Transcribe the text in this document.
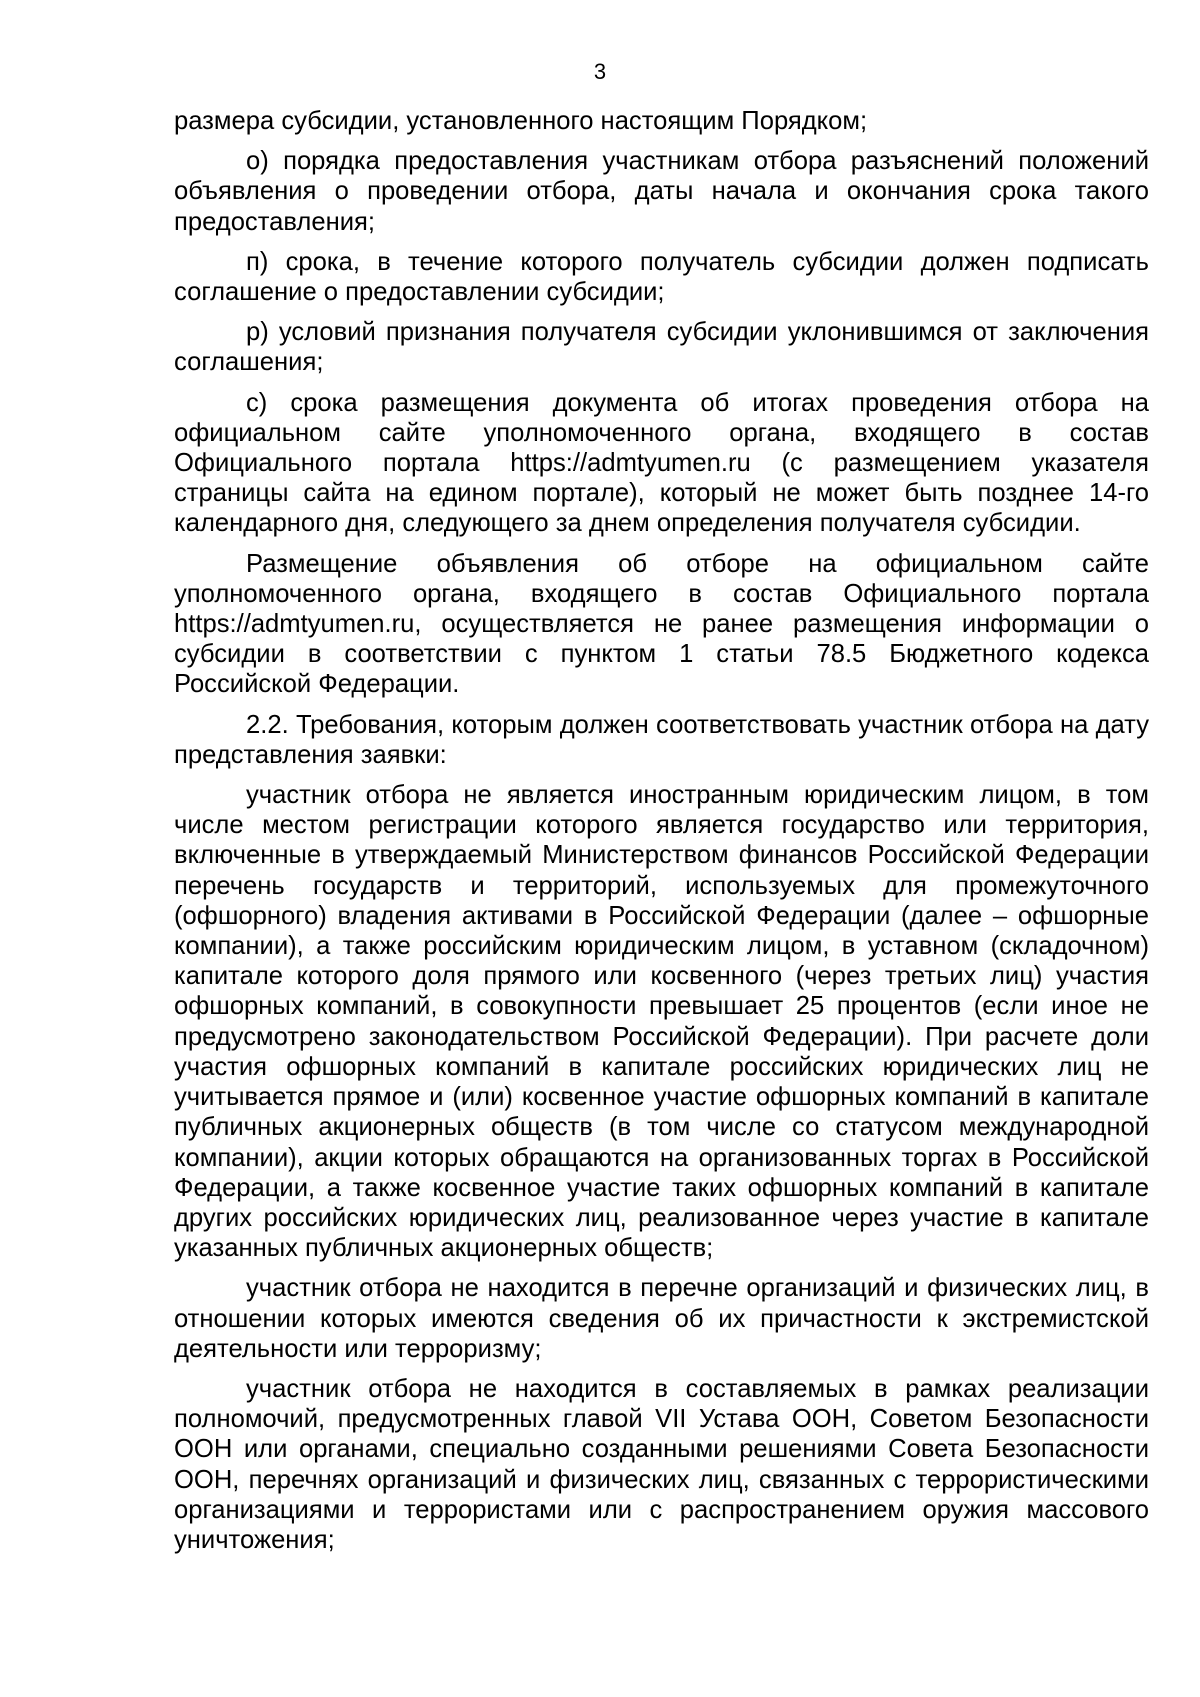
3

размера субсидии, установленного настоящим Порядком;

о) порядка предоставления участникам отбора разъяснений положений объявления о проведении отбора, даты начала и окончания срока такого предоставления;

п) срока, в течение которого получатель субсидии должен подписать соглашение о предоставлении субсидии;

р) условий признания получателя субсидии уклонившимся от заключения соглашения;

с) срока размещения документа об итогах проведения отбора на официальном сайте уполномоченного органа, входящего в состав Официального портала https://admtyumen.ru (с размещением указателя страницы сайта на едином портале), который не может быть позднее 14-го календарного дня, следующего за днем определения получателя субсидии.

Размещение объявления об отборе на официальном сайте уполномоченного органа, входящего в состав Официального портала https://admtyumen.ru, осуществляется не ранее размещения информации о субсидии в соответствии с пунктом 1 статьи 78.5 Бюджетного кодекса Российской Федерации.

2.2. Требования, которым должен соответствовать участник отбора на дату представления заявки:

участник отбора не является иностранным юридическим лицом, в том числе местом регистрации которого является государство или территория, включенные в утверждаемый Министерством финансов Российской Федерации перечень государств и территорий, используемых для промежуточного (офшорного) владения активами в Российской Федерации (далее – офшорные компании), а также российским юридическим лицом, в уставном (складочном) капитале которого доля прямого или косвенного (через третьих лиц) участия офшорных компаний, в совокупности превышает 25 процентов (если иное не предусмотрено законодательством Российской Федерации). При расчете доли участия офшорных компаний в капитале российских юридических лиц не учитывается прямое и (или) косвенное участие офшорных компаний в капитале публичных акционерных обществ (в том числе со статусом международной компании), акции которых обращаются на организованных торгах в Российской Федерации, а также косвенное участие таких офшорных компаний в капитале других российских юридических лиц, реализованное через участие в капитале указанных публичных акционерных обществ;

участник отбора не находится в перечне организаций и физических лиц, в отношении которых имеются сведения об их причастности к экстремистской деятельности или терроризму;

участник отбора не находится в составляемых в рамках реализации полномочий, предусмотренных главой VII Устава ООН, Советом Безопасности ООН или органами, специально созданными решениями Совета Безопасности ООН, перечнях организаций и физических лиц, связанных с террористическими организациями и террористами или с распространением оружия массового уничтожения;
